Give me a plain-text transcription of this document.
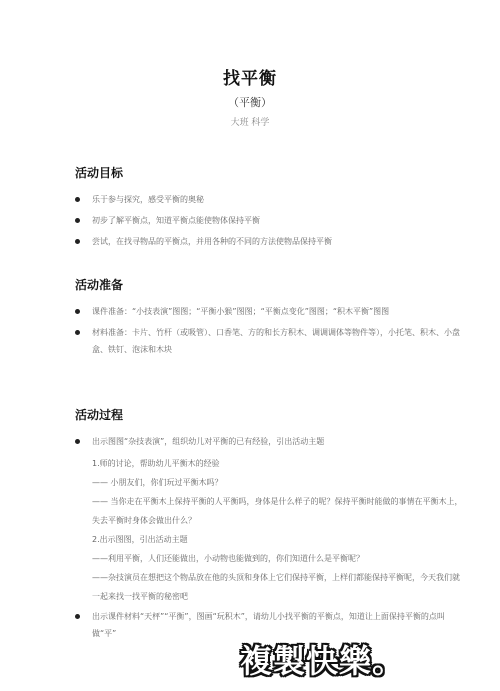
找平衡
（平衡）
大班 科学
活动目标
乐于参与探究，感受平衡的奥秘
初步了解平衡点，知道平衡点能使物体保持平衡
尝试，在找寻物品的平衡点，并用各种的不同的方法使物品保持平衡
活动准备
课件准备：“小技表演”图图；“平衡小猴”图图；“平衡点变化”图图；“积木平衡”图图
材料准备：卡片、竹杆（或吸管）、口香笔、方的和长方积木、调调调体等物件等），小托笔、积木、小盘盒、铁钉、泡沫和木块
活动过程
出示图图“杂技表演”，组织幼儿对平衡的已有经验，引出活动主题
1.师的讨论，帮助幼儿平衡木的经验
—— 小朋友们，你们玩过平衡木吗？
—— 当你走在平衡木上保持平衡的人平衡吗，身体是什么样子的呢？保持平衡时能做的事情在平衡木上，失去平衡时身体会做出什么？
2.出示图图，引出活动主题
——利用平衡，人们还能做出，小动物也能做到的，你们知道什么是平衡呢？
——杂技演员在想把这个物品放在他的头顶和身体上它们保持平衡，上样们都能保持平衡呢，今天我们就一起来找一找平衡的秘密吧
出示课件材料“天枰”“平衡”，图画“玩积木”，请幼儿小找平衡的平衡点，知道让上面保持平衡的点叫做“平”
複製快樂。
